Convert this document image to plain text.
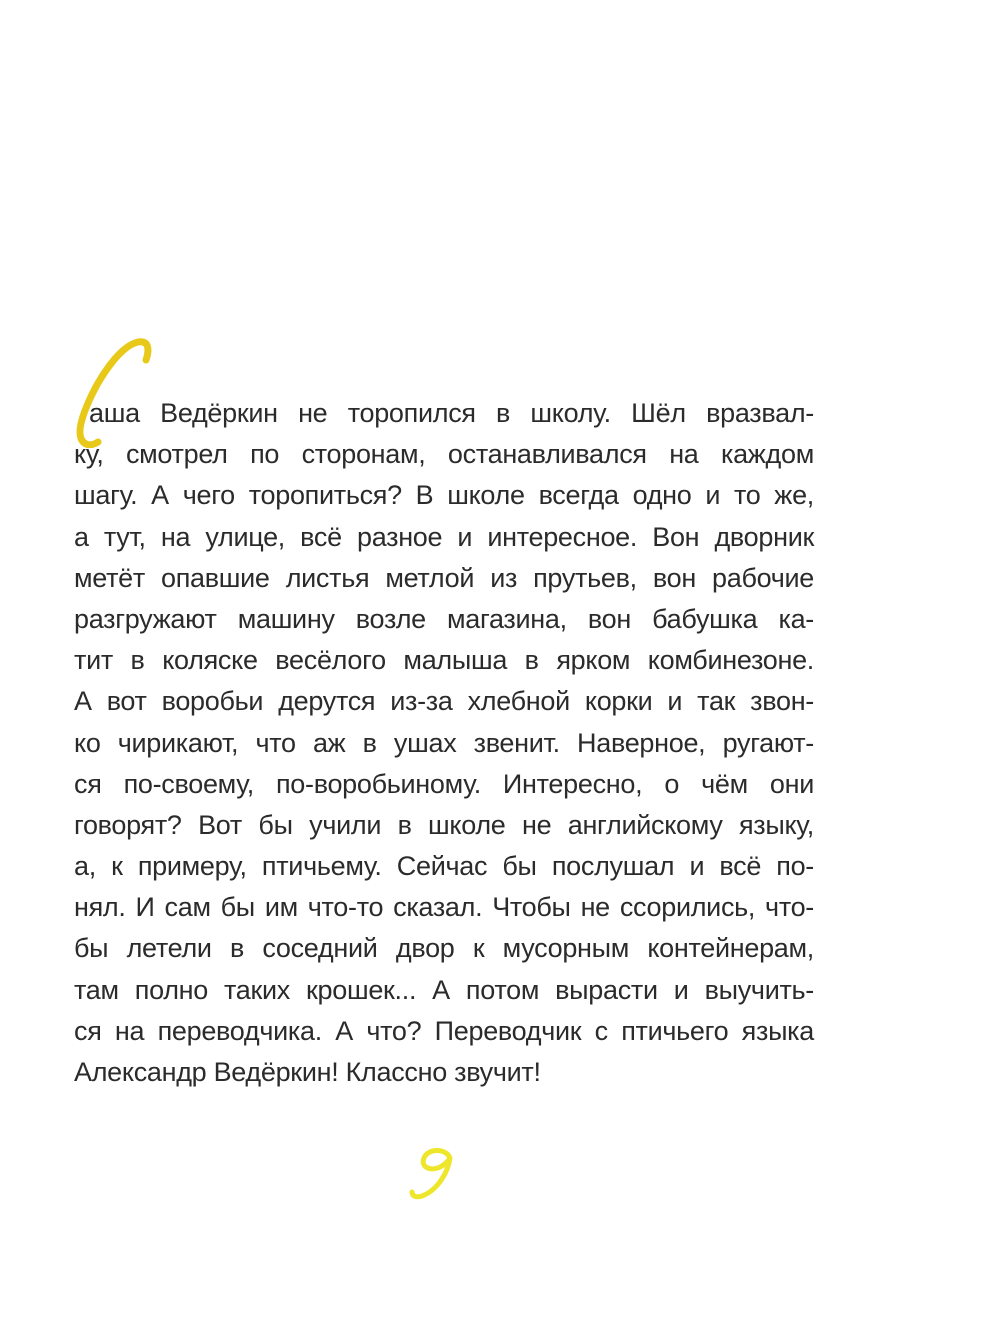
аша Ведёркин не торопился в школу. Шёл вразвал-
ку, смотрел по сторонам, останавливался на каждом
шагу. А чего торопиться? В школе всегда одно и то же,
а тут, на улице, всё разное и интересное. Вон дворник
метёт опавшие листья метлой из прутьев, вон рабочие
разгружают машину возле магазина, вон бабушка ка-
тит в коляске весёлого малыша в ярком комбинезоне.
А вот воробьи дерутся из-за хлебной корки и так звон-
ко чирикают, что аж в ушах звенит. Наверное, ругают-
ся по-своему, по-воробьиному. Интересно, о чём они
говорят? Вот бы учили в школе не английскому языку,
а, к примеру, птичьему. Сейчас бы послушал и всё по-
нял. И сам бы им что-то сказал. Чтобы не ссорились, что-
бы летели в соседний двор к мусорным контейнерам,
там полно таких крошек... А потом вырасти и выучить-
ся на переводчика. А что? Переводчик с птичьего языка
Александр Ведёркин! Классно звучит!
